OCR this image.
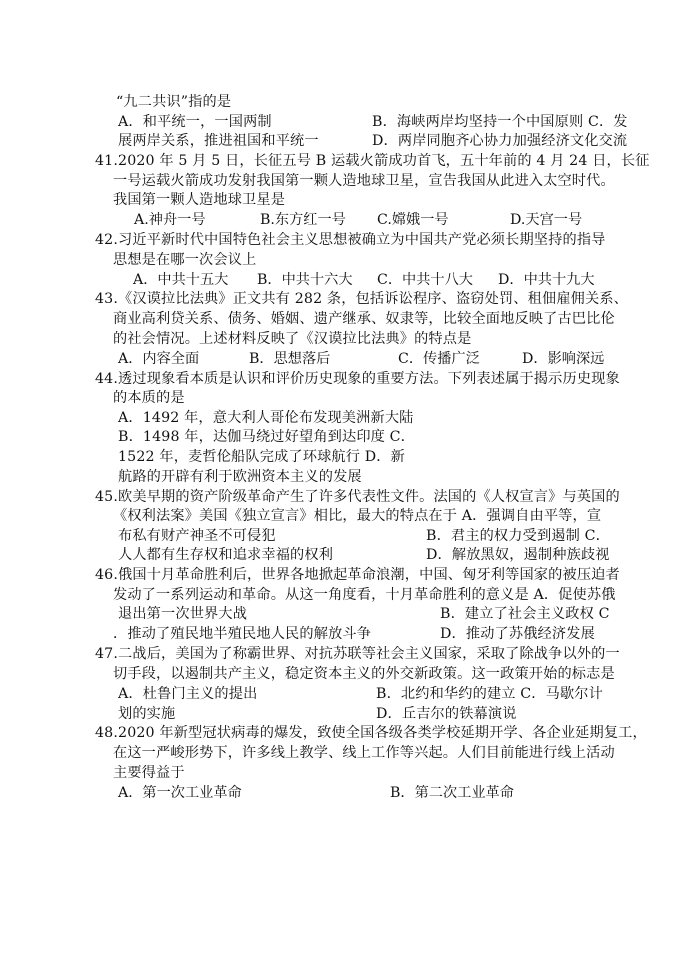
“九二共识”指的是
A．和平统一，一国两制	B．海峡两岸均坚持一个中国原则 C．发
展两岸关系，推进祖国和平统一	D．两岸同胞齐心协力加强经济文化交流
41.2020 年 5 月 5 日，长征五号 B 运载火箭成功首飞，五十年前的 4 月 24 日，长征
一号运载火箭成功发射我国第一颗人造地球卫星，宣告我国从此进入太空时代。
我国第一颗人造地球卫星是
A.神舟一号	B.东方红一号 C.嫦娥一号	D.天宫一号
42.习近平新时代中国特色社会主义思想被确立为中国共产党必须长期坚持的指导
思想是在哪一次会议上
A．中共十五大 B．中共十六大 C．中共十八大 D．中共十九大
43.《汉谟拉比法典》正文共有 282 条，包括诉讼程序、盗窃处罚、租佃雇佣关系、
商业高利贷关系、债务、婚姻、遗产继承、奴隶等，比较全面地反映了古巴比伦
的社会情况。上述材料反映了《汉谟拉比法典》的特点是
A．内容全面	B．思想落后	C．传播广泛	D．影响深远
44.透过现象看本质是认识和评价历史现象的重要方法。下列表述属于揭示历史现象
的本质的是
A．1492 年，意大利人哥伦布发现美洲新大陆
B．1498 年，达伽马绕过好望角到达印度 C．
1522 年，麦哲伦船队完成了环球航行 D．新
航路的开辟有利于欧洲资本主义的发展
45.欧美早期的资产阶级革命产生了许多代表性文件。法国的《人权宣言》与英国的
《权利法案》美国《独立宣言》相比，最大的特点在于 A．强调自由平等，宣
布私有财产神圣不可侵犯	B．君主的权力受到遏制 C．
人人都有生存权和追求幸福的权利	D．解放黑奴，遏制种族歧视
46.俄国十月革命胜利后，世界各地掀起革命浪潮，中国、匈牙利等国家的被压迫者
发动了一系列运动和革命。从这一角度看，十月革命胜利的意义是 A．促使苏俄
退出第一次世界大战	B．建立了社会主义政权 C
．推动了殖民地半殖民地人民的解放斗争	D．推动了苏俄经济发展
47.二战后，美国为了称霸世界、对抗苏联等社会主义国家，采取了除战争以外的一
切手段，以遏制共产主义，稳定资本主义的外交新政策。这一政策开始的标志是
A．杜鲁门主义的提出	B．北约和华约的建立 C．马歇尔计
划的实施	D．丘吉尔的铁幕演说
48.2020 年新型冠状病毒的爆发，致使全国各级各类学校延期开学、各企业延期复工，
在这一严峻形势下，许多线上教学、线上工作等兴起。人们目前能进行线上活动
主要得益于
A．第一次工业革命	B．第二次工业革命
